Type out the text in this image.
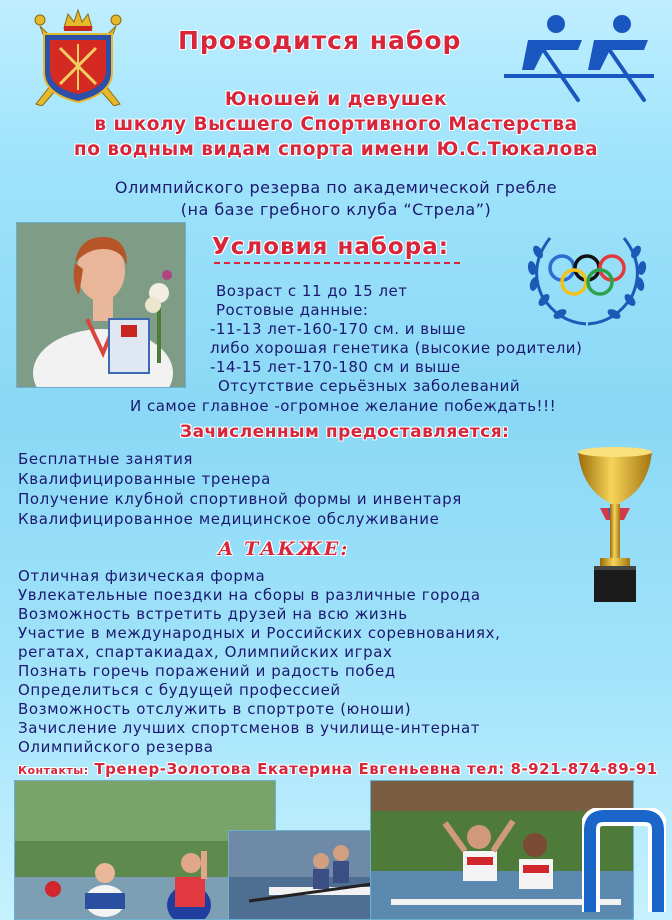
Проводится набор
Юношей и девушек
в школу Высшего Спортивного Мастерства
по водным видам спорта имени Ю.С.Тюкалова
Олимпийского резерва по академической гребле
(на базе гребного клуба “Стрела”)
Условия набора:
Возраст с 11 до 15 лет
Ростовые данные:
-11-13 лет-160-170 см. и выше
либо хорошая генетика (высокие родители)
-14-15 лет-170-180 см и выше
Отсутствие серьёзных заболеваний
И самое главное -огромное желание побеждать!!!
Зачисленным предоставляется:
Бесплатные занятия
Квалифицированные тренера
Получение клубной спортивной формы и инвентаря
Квалифицированное медицинское обслуживание
А ТАКЖЕ:
Отличная физическая форма
Увлекательные поездки на сборы в различные города
Возможность встретить друзей на всю жизнь
Участие в международных и Российских соревнованиях,
регатах, спартакиадах, Олимпийских играх
Познать горечь поражений и радость побед
Определиться с будущей профессией
Возможность отслужить в спортроте (юноши)
Зачисление лучших спортсменов в училище-интернат
Олимпийского резерва
Контакты: Тренер-Золотова Екатерина Евгеньевна тел: 8-921-874-89-91
